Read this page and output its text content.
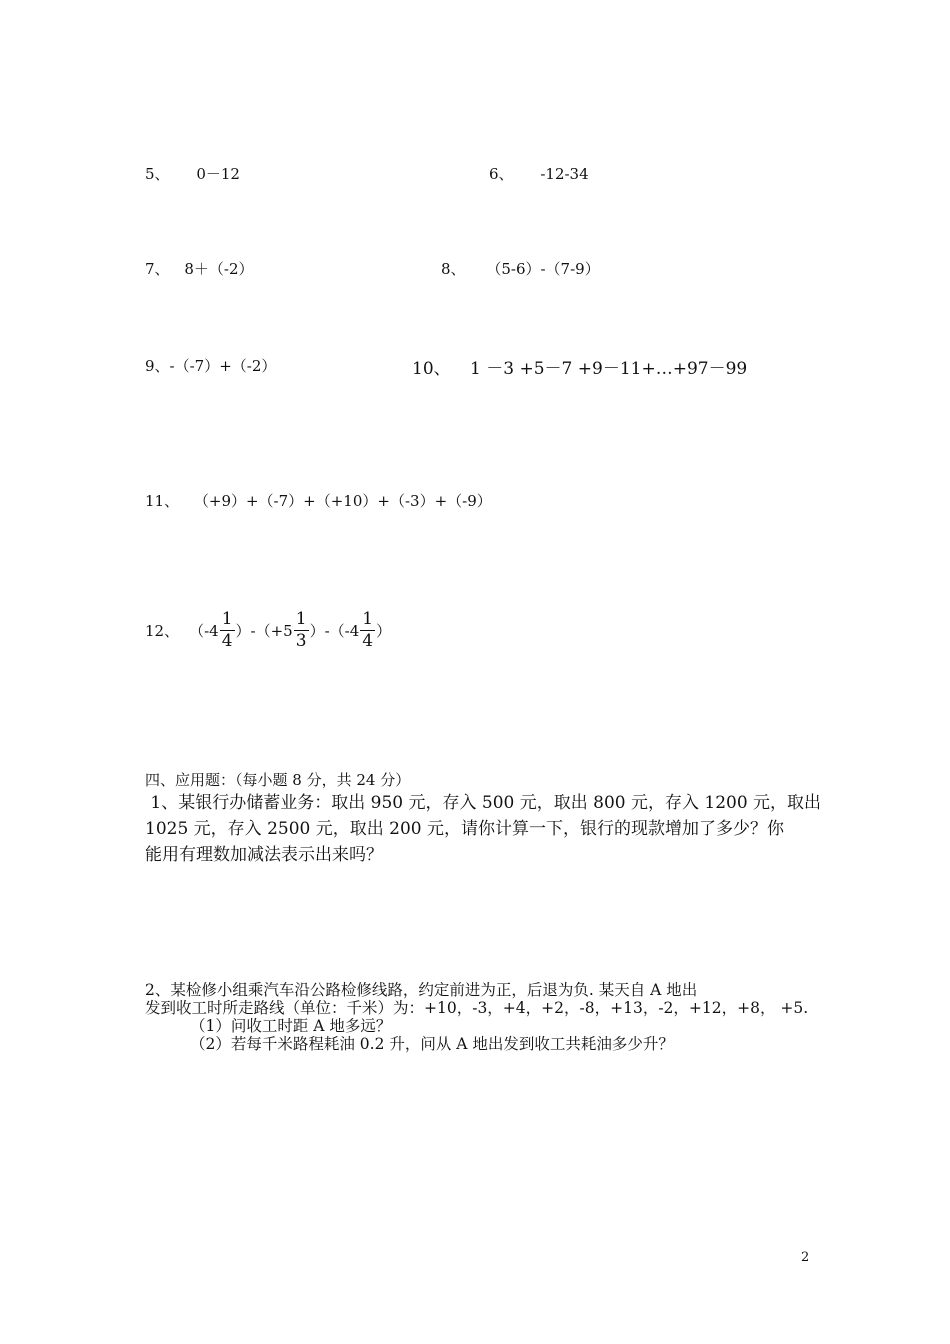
5、 0－12	6、 -12-34
7、 8＋（-2）	8、 （5-6）-（7-9）
9、-（-7）+（-2）	10、 1 －3 +5－7 +9－11+…+97－99
11、 （+9）+（-7）+（+10）+（-3）+（-9）
12、 $(-4 \frac{1}{4} )-(+5 \frac{1}{3} )-(-4 \frac{1}{4}$ ）
四、应用题：（每小题 8 分，共 24 分）
1、某银行办储蓄业务：取出 950 元，存入 500 元，取出 800 元，存入 1200 元，取出
1025 元，存入 2500 元，取出 200 元，请你计算一下，银行的现款增加了多少？你
能用有理数加减法表示出来吗？
2、某检修小组乘汽车沿公路检修线路，约定前进为正，后退为负. 某天自 A 地出
发到收工时所走路线（单位：千米）为：+10，-3，+4，+2，-8，+13，-2，+12，+8， +5.
（1）问收工时距 A 地多远？
（2）若每千米路程耗油 0.2 升，问从 A 地出发到收工共耗油多少升？
2
